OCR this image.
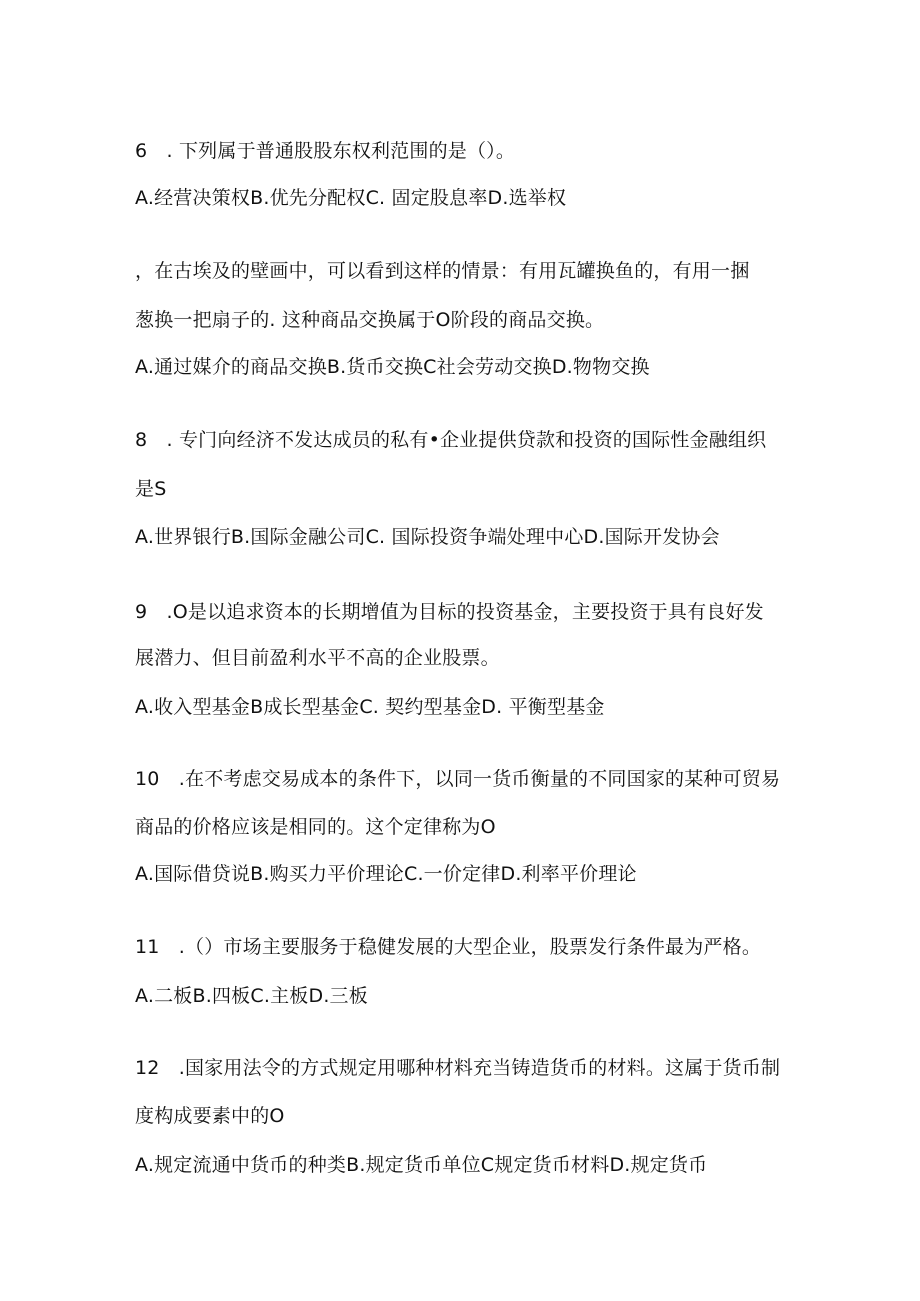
6　. 下列属于普通股股东权利范围的是（）。
A.经营决策权B.优先分配权C. 固定股息率D.选举权
，在古埃及的壁画中，可以看到这样的情景：有用瓦罐换鱼的，有用一捆
葱换一把扇子的. 这种商品交换属于O阶段的商品交换。
A.通过媒介的商品交换B.货币交换C社会劳动交换D.物物交换
8　. 专门向经济不发达成员的私有•企业提供贷款和投资的国际性金融组织
是S
A.世界银行B.国际金融公司C. 国际投资争端处理中心D.国际开发协会
9　.O是以追求资本的长期增值为目标的投资基金，主要投资于具有良好发
展潜力、但目前盈利水平不高的企业股票。
A.收入型基金B成长型基金C. 契约型基金D. 平衡型基金
10　.在不考虑交易成本的条件下，以同一货币衡量的不同国家的某种可贸易
商品的价格应该是相同的。这个定律称为O
A.国际借贷说B.购买力平价理论C.一价定律D.利率平价理论
11　.（）市场主要服务于稳健发展的大型企业，股票发行条件最为严格。
A.二板B.四板C.主板D.三板
12　.国家用法令的方式规定用哪种材料充当铸造货币的材料。这属于货币制
度构成要素中的O
A.规定流通中货币的种类B.规定货币单位C规定货币材料D.规定货币
